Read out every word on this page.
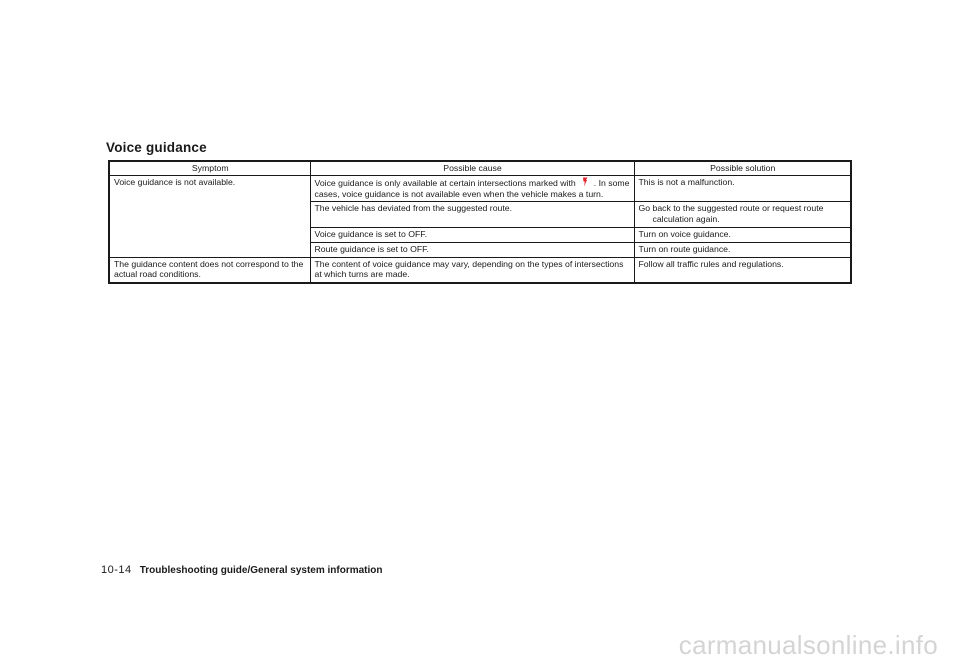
Voice guidance
Symptom	Possible cause	Possible solution
Voice guidance is not available.	Voice guidance is only available at certain intersections marked with . In some cases, voice guidance is not available even when the vehicle makes a turn.	This is not a malfunction.
	The vehicle has deviated from the suggested route.	Go back to the suggested route or request route
calculation again.
	Voice guidance is set to OFF.	Turn on voice guidance.
	Route guidance is set to OFF.	Turn on route guidance.
The guidance content does not correspond to the actual road conditions.	The content of voice guidance may vary, depending on the types of intersections at which turns are made.	Follow all traffic rules and regulations.
10-14 Troubleshooting guide/General system information
carmanualsonline.info
